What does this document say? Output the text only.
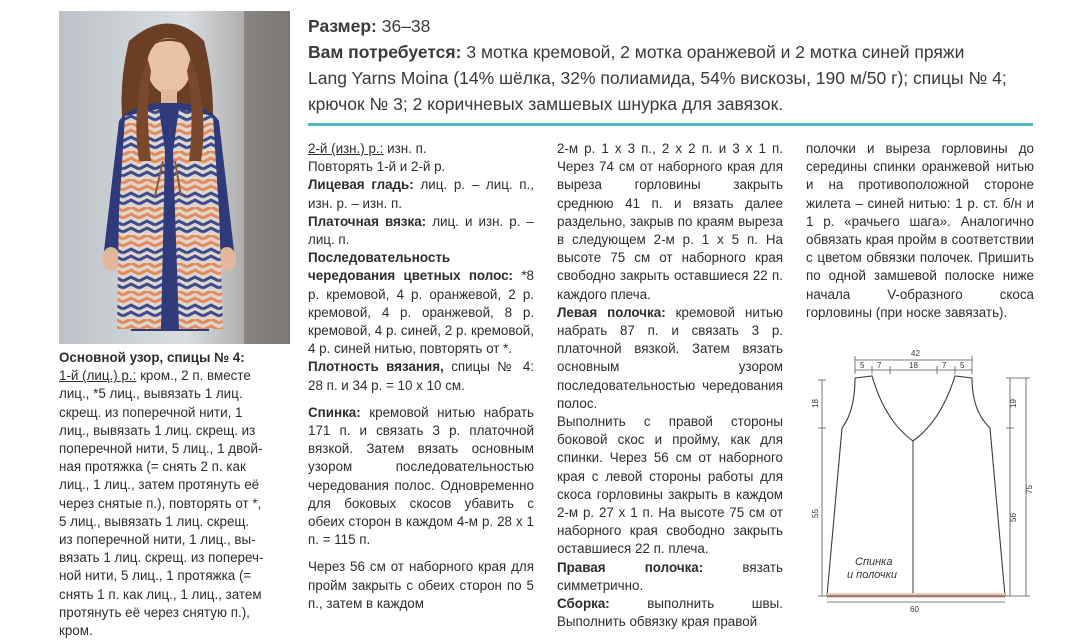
Размер: 36–38
Вам потребуется: 3 мотка кремовой, 2 мотка оранжевой и 2 мотка синей пряжи
Lang Yarns Moina (14% шёлка, 32% полиамида, 54% вискозы, 190 м/50 г); спицы № 4;
крючок № 3; 2 коричневых замшевых шнурка для завязок.

Основной узор, спицы № 4:

1-й (лиц.) р.: кром., 2 п. вместе

лиц., *5 лиц., вывязать 1 лиц.

скрещ. из поперечной нити, 1

лиц., вывязать 1 лиц. скрещ. из

поперечной нити, 5 лиц., 1 двой-

ная протяжка (= снять 2 п. как

лиц., 1 лиц., затем протянуть её

через снятые п.), повторять от *,

5 лиц., вывязать 1 лиц. скрещ.

из поперечной нити, 1 лиц., вы-

вязать 1 лиц. скрещ. из попереч-

ной нити, 5 лиц., 1 протяжка (=

снять 1 п. как лиц., 1 лиц., затем

протянуть её через снятую п.),

кром.

2-й (изн.) р.: изн. п.

Повторять 1-й и 2-й р.

Лицевая гладь: лиц. р. – лиц. п., изн. р. – изн. п.

Платочная вязка: лиц. и изн. р. – лиц. п.

Последовательность чередования цветных полос: *8 р. кремовой, 4 р. оранжевой, 2 р. кремовой, 4 р. оранжевой, 8 р. кремовой, 4 р. синей, 2 р. кремовой, 4 р. синей нитью, повторять от *.

Плотность вязания, спицы № 4: 28 п. и 34 р. = 10 х 10 см.

Спинка: кремовой нитью набрать 171 п. и связать 3 р. платочной вязкой. Затем вязать основным узором последовательностью чередования полос. Одновременно для боковых скосов убавить с обеих сторон в каждом 4-м р. 28 х 1 п. = 115 п.

Через 56 см от наборного края для пройм закрыть с обеих сторон по 5 п., затем в каждом

2-м р. 1 х 3 п., 2 х 2 п. и 3 х 1 п. Через 74 см от наборного края для выреза горловины закрыть среднюю 41 п. и вязать далее раздельно, закрыв по краям выреза в следующем 2-м р. 1 х 5 п. На высоте 75 см от наборного края свободно закрыть оставшиеся 22 п. каждого плеча.

Левая полочка: кремовой нитью набрать 87 п. и связать 3 р. платочной вязкой. Затем вязать основным узором последовательностью чередования полос.

Выполнить с правой стороны боковой скос и пройму, как для спинки. Через 56 см от наборного края с левой стороны работы для скоса горловины закрыть в каждом 2-м р. 27 х 1 п. На высоте 75 см от наборного края свободно закрыть оставшиеся 22 п. плеча.

Правая полочка:	вязать симметрично.

Сборка:	выполнить швы. Выполнить обвязку края правой

полочки и выреза горловины до середины спинки оранжевой нитью и на противоположной стороне жилета – синей нитью: 1 р. ст. б/н и 1 р. «рачьего шага». Аналогично обвязать края пройм в соответствии с цветом обвязки полочек. Пришить по одной замшевой полоске ниже начала V-образного скоса горловины (при носке завязать).

42
5 7	18	7 5
18
55
19
56
75
60
Спинка
и полочки
